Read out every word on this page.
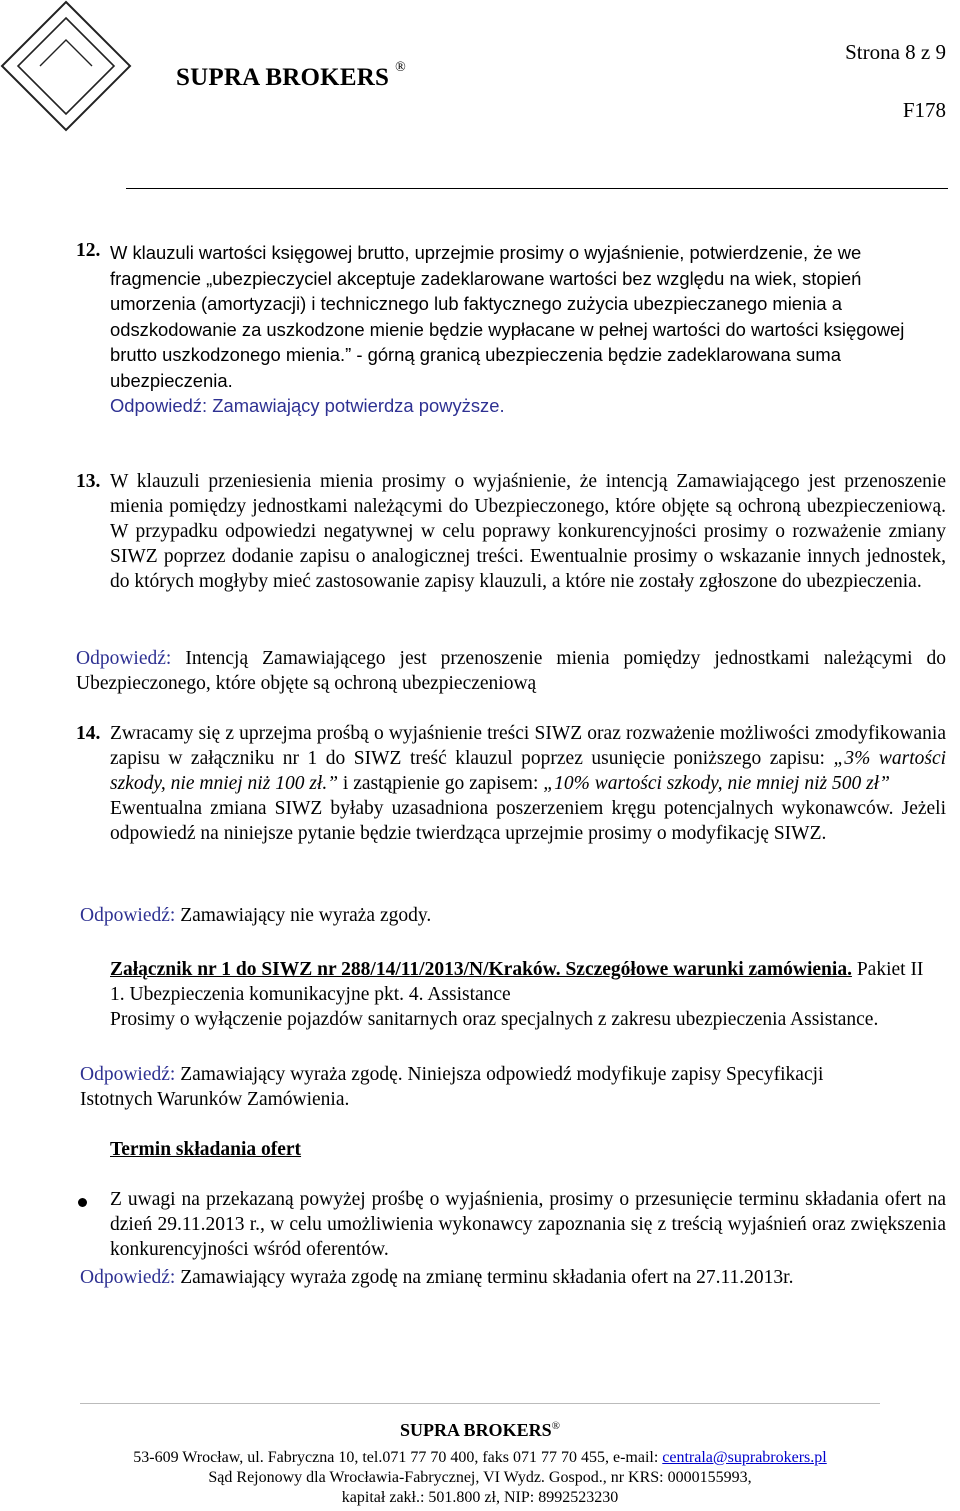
SUPRA BROKERS ®
Strona 8 z 9
F178
12. W klauzuli wartości księgowej brutto, uprzejmie prosimy o wyjaśnienie, potwierdzenie, że we fragmencie „ubezpieczyciel akceptuje zadeklarowane wartości bez względu na wiek, stopień umorzenia (amortyzacji) i technicznego lub faktycznego zużycia ubezpieczanego mienia a odszkodowanie za uszkodzone mienie będzie wypłacane w pełnej wartości do wartości księgowej brutto uszkodzonego mienia.” - górną granicą ubezpieczenia będzie zadeklarowana suma ubezpieczenia.
Odpowiedź: Zamawiający potwierdza powyższe.
13. W klauzuli przeniesienia mienia prosimy o wyjaśnienie, że intencją Zamawiającego jest przenoszenie mienia pomiędzy jednostkami należącymi do Ubezpieczonego, które objęte są ochroną ubezpieczeniową. W przypadku odpowiedzi negatywnej w celu poprawy konkurencyjności prosimy o rozważenie zmiany SIWZ poprzez dodanie zapisu o analogicznej treści. Ewentualnie prosimy o wskazanie innych jednostek, do których mogłyby mieć zastosowanie zapisy klauzuli, a które nie zostały zgłoszone do ubezpieczenia.
Odpowiedź: Intencją Zamawiającego jest przenoszenie mienia pomiędzy jednostkami należącymi do Ubezpieczonego, które objęte są ochroną ubezpieczeniową
14. Zwracamy się z uprzejma prośbą o wyjaśnienie treści SIWZ oraz rozważenie możliwości zmodyfikowania zapisu w załączniku nr 1 do SIWZ treść klauzul poprzez usunięcie poniższego zapisu: „3% wartości szkody, nie mniej niż 100 zł.” i zastąpienie go zapisem: „10% wartości szkody, nie mniej niż 500 zł”
Ewentualna zmiana SIWZ byłaby uzasadniona poszerzeniem kręgu potencjalnych wykonawców. Jeżeli odpowiedź na niniejsze pytanie będzie twierdząca uprzejmie prosimy o modyfikację SIWZ.
Odpowiedź: Zamawiający nie wyraża zgody.
Załącznik nr 1 do SIWZ nr 288/14/11/2013/N/Kraków. Szczegółowe warunki zamówienia. Pakiet II 1. Ubezpieczenia komunikacyjne pkt. 4. Assistance
Prosimy o wyłączenie pojazdów sanitarnych oraz specjalnych z zakresu ubezpieczenia Assistance.
Odpowiedź: Zamawiający wyraża zgodę. Niniejsza odpowiedź modyfikuje zapisy Specyfikacji Istotnych Warunków Zamówienia.
Termin składania ofert
Z uwagi na przekazaną powyżej prośbę o wyjaśnienia, prosimy o przesunięcie terminu składania ofert na dzień 29.11.2013 r., w celu umożliwienia wykonawcy zapoznania się z treścią wyjaśnień oraz zwiększenia konkurencyjności wśród oferentów.
Odpowiedź: Zamawiający wyraża zgodę na zmianę terminu składania ofert na 27.11.2013r.
SUPRA BROKERS®
53-609 Wrocław, ul. Fabryczna 10, tel.071 77 70 400, faks 071 77 70 455, e-mail: centrala@suprabrokers.pl
Sąd Rejonowy dla Wrocławia-Fabrycznej, VI Wydz. Gospod., nr KRS: 0000155993,
kapitał zakł.: 501.800 zł, NIP: 8992523230
